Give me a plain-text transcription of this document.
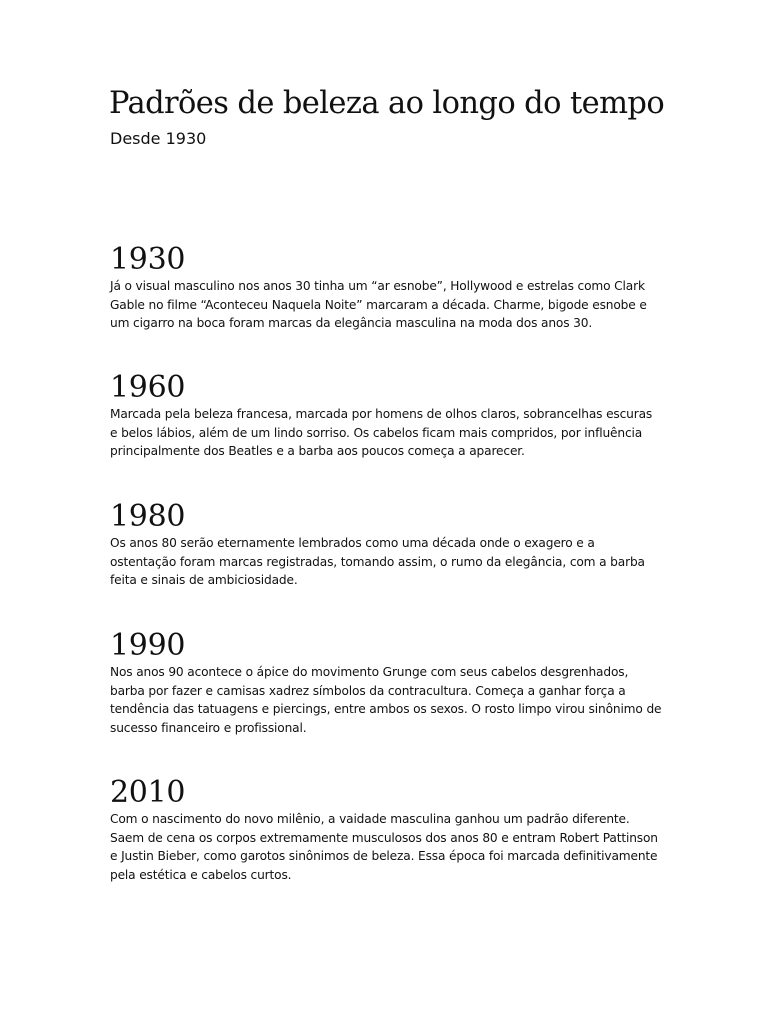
Padrões de beleza ao longo do tempo
Desde 1930
1930

Já o visual masculino nos anos 30 tinha um “ar esnobe”, Hollywood e estrelas como Clark Gable no filme “Aconteceu Naquela Noite” marcaram a década. Charme, bigode esnobe e um cigarro na boca foram marcas da elegância masculina na moda dos anos 30.

1960

Marcada pela beleza francesa, marcada por homens de olhos claros, sobrancelhas escuras e belos lábios, além de um lindo sorriso. Os cabelos ficam mais compridos, por influência principalmente dos Beatles e a barba aos poucos começa a aparecer.

1980

Os anos 80 serão eternamente lembrados como uma década onde o exagero e a ostentação foram marcas registradas, tomando assim, o rumo da elegância, com a barba feita e sinais de ambiciosidade.

1990

Nos anos 90 acontece o ápice do movimento Grunge com seus cabelos desgrenhados, barba por fazer e camisas xadrez símbolos da contracultura. Começa a ganhar força a tendência das tatuagens e piercings, entre ambos os sexos. O rosto limpo virou sinônimo de sucesso financeiro e profissional.

2010

Com o nascimento do novo milênio, a vaidade masculina ganhou um padrão diferente. Saem de cena os corpos extremamente musculosos dos anos 80 e entram Robert Pattinson e Justin Bieber, como garotos sinônimos de beleza. Essa época foi marcada definitivamente pela estética e cabelos curtos.
